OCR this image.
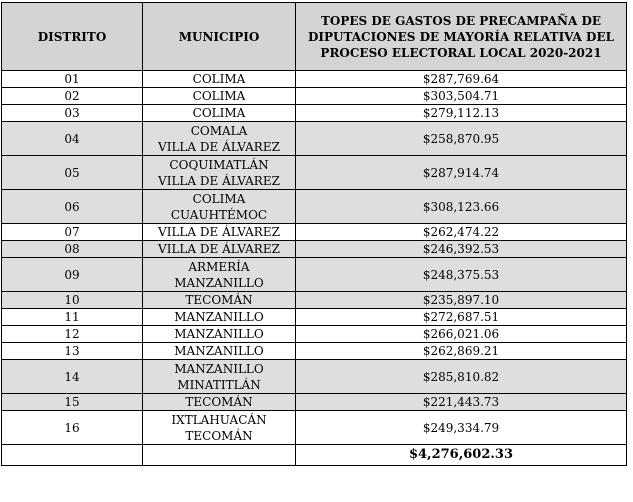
DISTRITO	MUNICIPIO	TOPES DE GASTOS DE PRECAMPAÑA DE
DIPUTACIONES DE MAYORÍA RELATIVA DEL
PROCESO ELECTORAL LOCAL 2020-2021

01	COLIMA	$287,769.64
02	COLIMA	$303,504.71
03	COLIMA	$279,112.13
04	COMALA
VILLA DE ÁLVAREZ	$258,870.95
05	COQUIMATLÁN
VILLA DE ÁLVAREZ	$287,914.74
06	COLIMA
CUAUHTÉMOC	$308,123.66
07	VILLA DE ÁLVAREZ	$262,474.22
08	VILLA DE ÁLVAREZ	$246,392.53
09	ARMERÍA
MANZANILLO	$248,375.53
10	TECOMÁN	$235,897.10
11	MANZANILLO	$272,687.51
12	MANZANILLO	$266,021.06
13	MANZANILLO	$262,869.21
14	MANZANILLO
MINATITLÁN	$285,810.82
15	TECOMÁN	$221,443.73
16	IXTLAHUACÁN
TECOMÁN	$249,334.79
		$4,276,602.33
